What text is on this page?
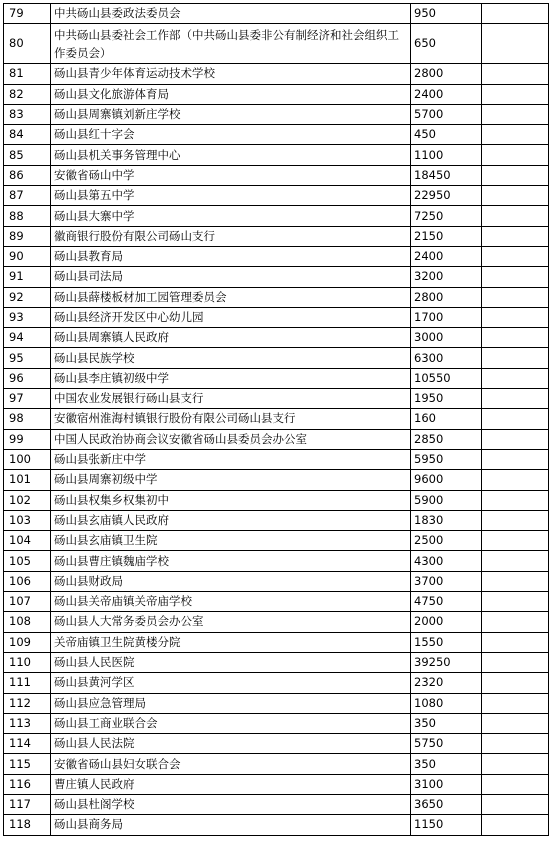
79	中共砀山县委政法委员会	950	
80	中共砀山县委社会工作部（中共砀山县委非公有制经济和社会组织工作委员会）	650	
81	砀山县青少年体育运动技术学校	2800	
82	砀山县文化旅游体育局	2400	
83	砀山县周寨镇刘新庄学校	5700	
84	砀山县红十字会	450	
85	砀山县机关事务管理中心	1100	
86	安徽省砀山中学	18450	
87	砀山县第五中学	22950	
88	砀山县大寨中学	7250	
89	徽商银行股份有限公司砀山支行	2150	
90	砀山县教育局	2400	
91	砀山县司法局	3200	
92	砀山县薛楼板材加工园管理委员会	2800	
93	砀山县经济开发区中心幼儿园	1700	
94	砀山县周寨镇人民政府	3000	
95	砀山县民族学校	6300	
96	砀山县李庄镇初级中学	10550	
97	中国农业发展银行砀山县支行	1950	
98	安徽宿州淮海村镇银行股份有限公司砀山县支行	160	
99	中国人民政治协商会议安徽省砀山县委员会办公室	2850	
100	砀山县张新庄中学	5950	
101	砀山县周寨初级中学	9600	
102	砀山县权集乡权集初中	5900	
103	砀山县玄庙镇人民政府	1830	
104	砀山县玄庙镇卫生院	2500	
105	砀山县曹庄镇魏庙学校	4300	
106	砀山县财政局	3700	
107	砀山县关帝庙镇关帝庙学校	4750	
108	砀山县人大常务委员会办公室	2000	
109	关帝庙镇卫生院黄楼分院	1550	
110	砀山县人民医院	39250	
111	砀山县黄河学区	2320	
112	砀山县应急管理局	1080	
113	砀山县工商业联合会	350	
114	砀山县人民法院	5750	
115	安徽省砀山县妇女联合会	350	
116	曹庄镇人民政府	3100	
117	砀山县杜阁学校	3650	
118	砀山县商务局	1150	
